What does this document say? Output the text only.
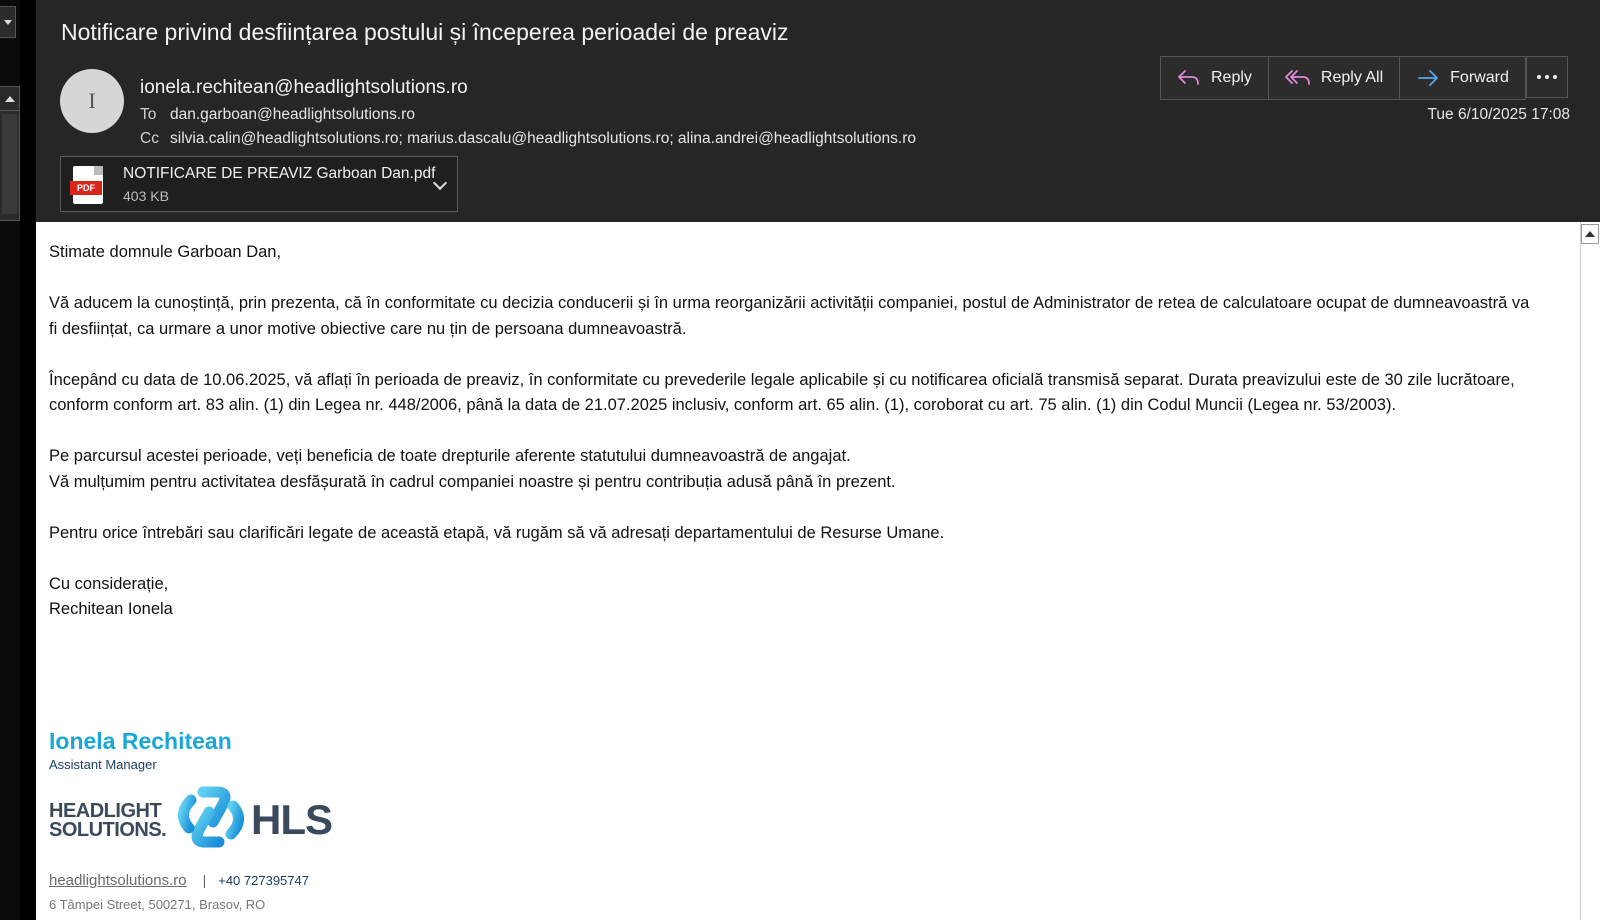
Notificare privind desființarea postului și începerea perioadei de preaviz
I
ionela.rechitean@headlightsolutions.ro
To dan.garboan@headlightsolutions.ro
Cc silvia.calin@headlightsolutions.ro; marius.dascalu@headlightsolutions.ro; alina.andrei@headlightsolutions.ro
PDF
NOTIFICARE DE PREAVIZ Garboan Dan.pdf
403 KB
Reply	Reply All	Forward
Tue 6/10/2025 17:08

Stimate domnule Garboan Dan,

Vă aducem la cunoștință, prin prezenta, că în conformitate cu decizia conducerii și în urma reorganizării activității companiei, postul de Administrator de retea de calculatoare ocupat de dumneavoastră va fi desființat, ca urmare a unor motive obiective care nu țin de persoana dumneavoastră.

Începând cu data de 10.06.2025, vă aflați în perioada de preaviz, în conformitate cu prevederile legale aplicabile și cu notificarea oficială transmisă separat. Durata preavizului este de 30 zile lucrătoare, conform conform art. 83 alin. (1) din Legea nr. 448/2006, până la data de 21.07.2025 inclusiv, conform art. 65 alin. (1), coroborat cu art. 75 alin. (1) din Codul Muncii (Legea nr. 53/2003).

Pe parcursul acestei perioade, veți beneficia de toate drepturile aferente statutului dumneavoastră de angajat.
Vă mulțumim pentru activitatea desfășurată în cadrul companiei noastre și pentru contribuția adusă până în prezent.

Pentru orice întrebări sau clarificări legate de această etapă, vă rugăm să vă adresați departamentului de Resurse Umane.

Cu considerație,
Rechitean Ionela

Ionela Rechitean
Assistant Manager
HEADLIGHT
SOLUTIONS. HLS
headlightsolutions.ro | +40 727395747
6 Tâmpei Street, 500271, Brasov, RO
